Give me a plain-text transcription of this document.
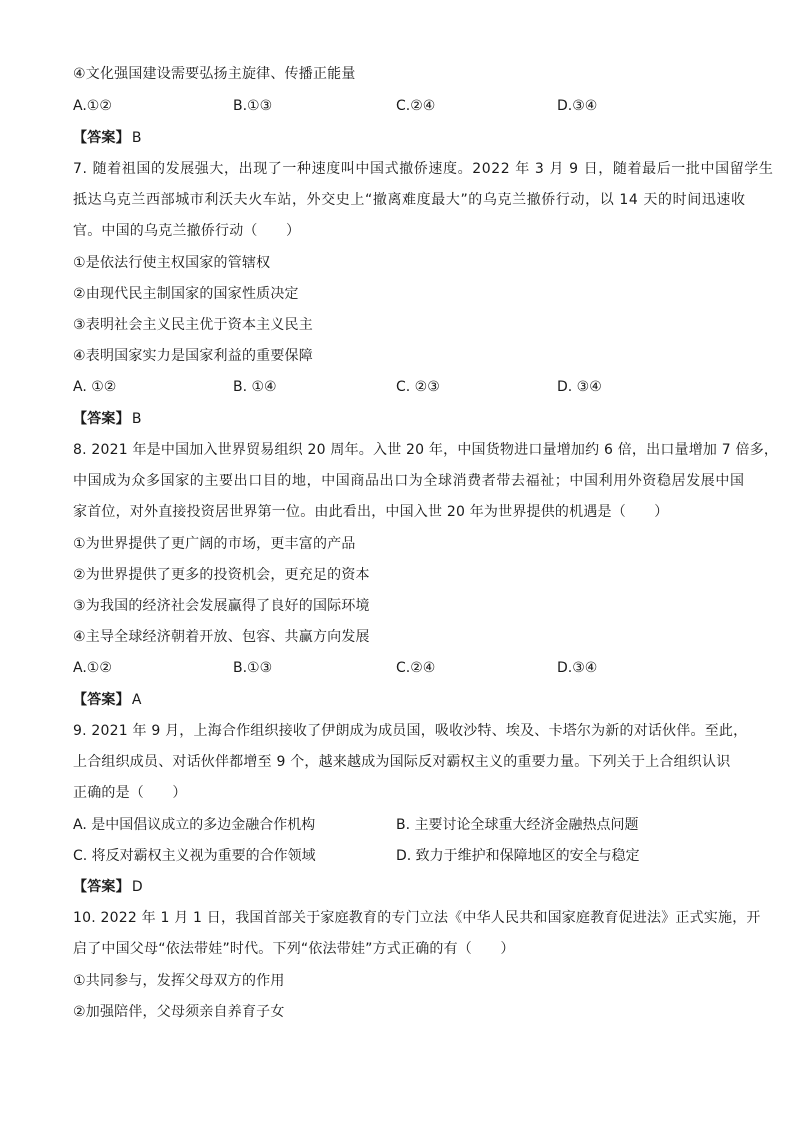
④文化强国建设需要弘扬主旋律、传播正能量
A.①②	B.①③	C.②④	D.③④
【答案】 B
7. 随着祖国的发展强大，出现了一种速度叫中国式撤侨速度。2022 年 3 月 9 日，随着最后一批中国留学生
抵达乌克兰西部城市利沃夫火车站，外交史上“撤离难度最大”的乌克兰撤侨行动，以 14 天的时间迅速收
官。中国的乌克兰撤侨行动（　　）
①是依法行使主权国家的管辖权
②由现代民主制国家的国家性质决定
③表明社会主义民主优于资本主义民主
④表明国家实力是国家利益的重要保障
A. ①②	B. ①④	C. ②③	D. ③④
【答案】 B
8. 2021 年是中国加入世界贸易组织 20 周年。入世 20 年，中国货物进口量增加约 6 倍，出口量增加 7 倍多，
中国成为众多国家的主要出口目的地，中国商品出口为全球消费者带去福祉；中国利用外资稳居发展中国
家首位，对外直接投资居世界第一位。由此看出，中国入世 20 年为世界提供的机遇是（　　）
①为世界提供了更广阔的市场，更丰富的产品
②为世界提供了更多的投资机会，更充足的资本
③为我国的经济社会发展赢得了良好的国际环境
④主导全球经济朝着开放、包容、共赢方向发展
A.①②	B.①③	C.②④	D.③④
【答案】 A
9. 2021 年 9 月，上海合作组织接收了伊朗成为成员国，吸收沙特、埃及、卡塔尔为新的对话伙伴。至此，
上合组织成员、对话伙伴都增至 9 个，越来越成为国际反对霸权主义的重要力量。下列关于上合组织认识
正确的是（　　）
A. 是中国倡议成立的多边金融合作机构	B. 主要讨论全球重大经济金融热点问题
C. 将反对霸权主义视为重要的合作领域	D. 致力于维护和保障地区的安全与稳定
【答案】 D
10. 2022 年 1 月 1 日，我国首部关于家庭教育的专门立法《中华人民共和国家庭教育促进法》正式实施，开
启了中国父母“依法带娃”时代。下列“依法带娃”方式正确的有（　　）
①共同参与，发挥父母双方的作用
②加强陪伴，父母须亲自养育子女
